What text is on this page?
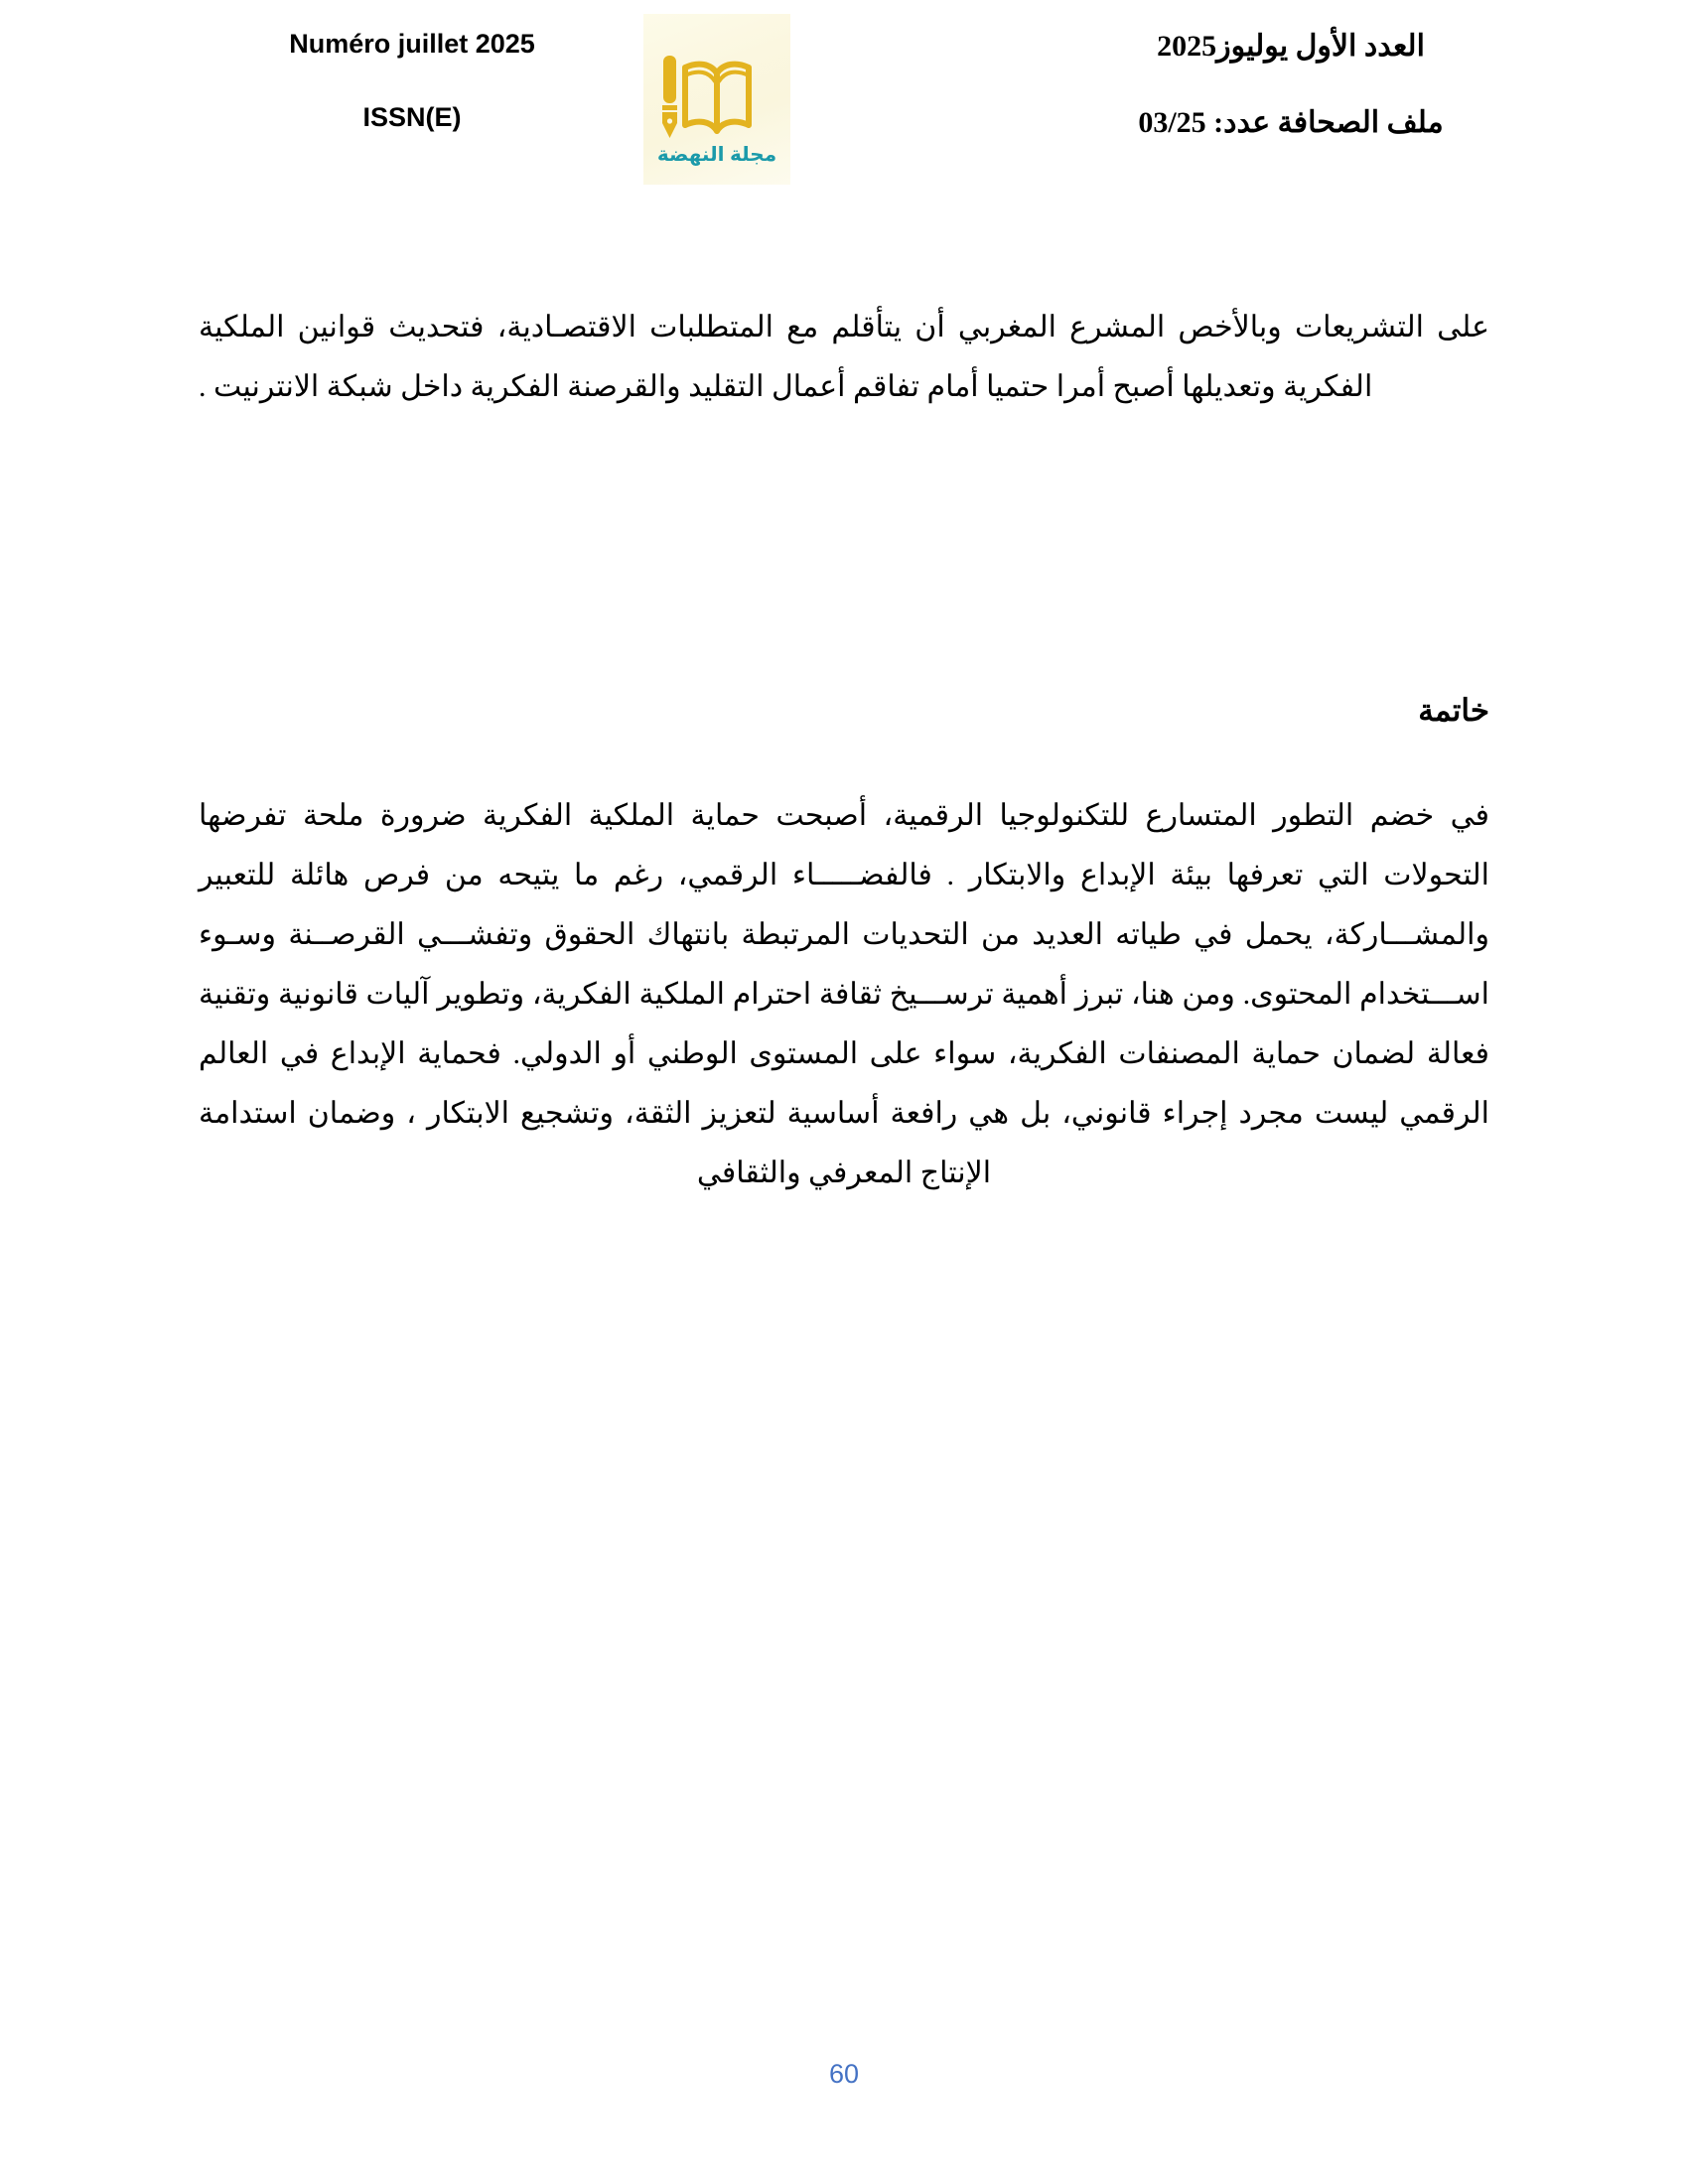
Numéro juillet 2025
ISSN(E)
مجلة النهضة
العدد الأول يوليوز2025
ملف الصحافة عدد: 03/25

على التشريعات وبالأخص المشرع المغربي أن يتأقلم مع المتطلبات الاقتصـادية، فتحديث قوانين الملكية الفكرية وتعديلها أصبح أمرا حتميا أمام تفاقم أعمال التقليد والقرصنة الفكرية داخل شبكة الانترنيت .

خاتمة

في خضم التطور المتسارع للتكنولوجيا الرقمية، أصبحت حماية الملكية الفكرية ضرورة ملحة تفرضها التحولات التي تعرفها بيئة الإبداع والابتكار . فالفضـــــاء الرقمي، رغم ما يتيحه من فرص هائلة للتعبير والمشـــاركة، يحمل في طياته العديد من التحديات المرتبطة بانتهاك الحقوق وتفشـــي القرصــنة وسـوء اســـتخدام المحتوى. ومن هنا، تبرز أهمية ترســـيخ ثقافة احترام الملكية الفكرية، وتطوير آليات قانونية وتقنية فعالة لضمان حماية المصنفات الفكرية، سواء على المستوى الوطني أو الدولي. فحماية الإبداع في العالم الرقمي ليست مجرد إجراء قانوني، بل هي رافعة أساسية لتعزيز الثقة، وتشجيع الابتكار ، وضمان استدامة الإنتاج المعرفي والثقافي

60
